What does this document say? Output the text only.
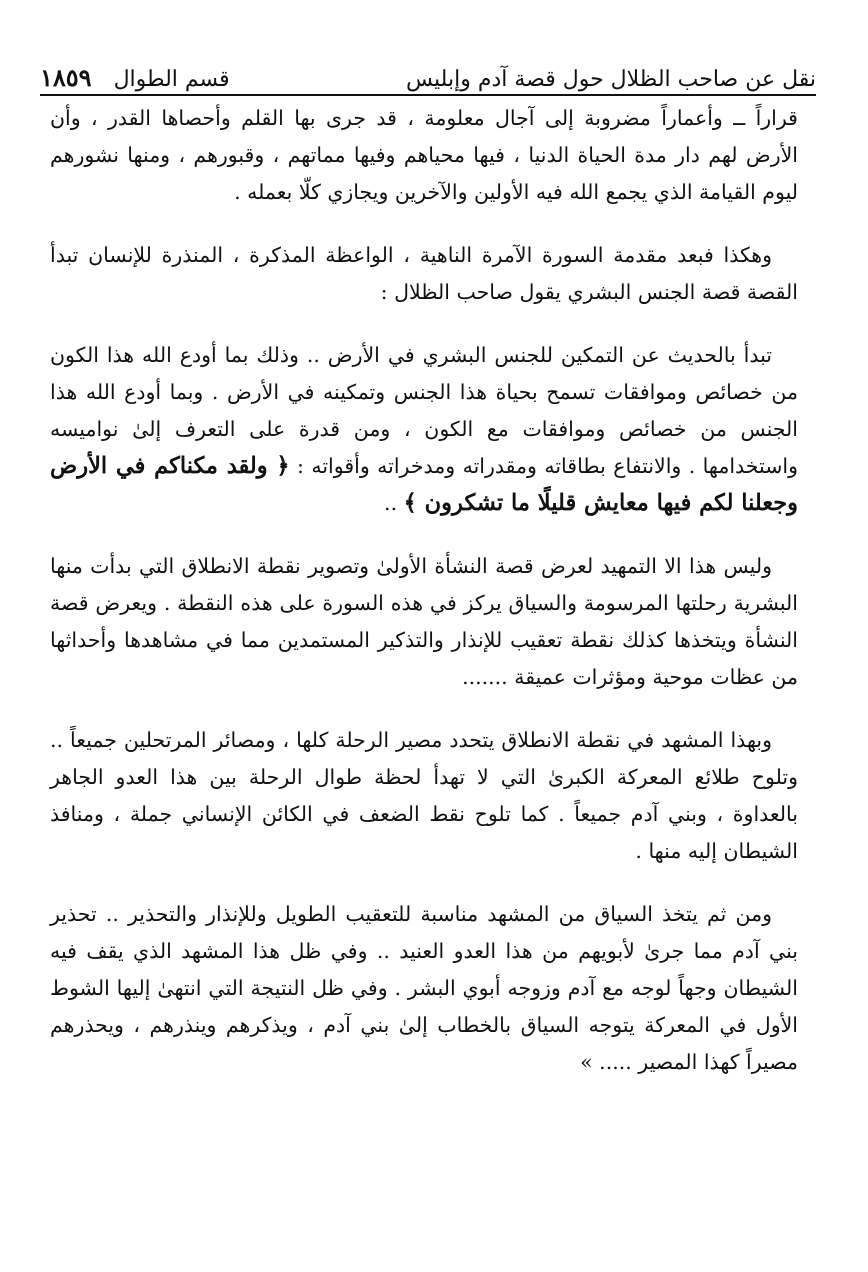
نقل عن صاحب الظلال حول قصة آدم وإبليس
قسم الطوال
١٨٥٩

قراراً ــ وأعماراً مضروبة إلى آجال معلومة ، قد جرى بها القلم وأحصاها القدر ، وأن الأرض لهم دار مدة الحياة الدنيا ، فيها محياهم وفيها مماتهم ، وقبورهم ، ومنها نشورهم ليوم القيامة الذي يجمع الله فيه الأولين والآخرين ويجازي كلّا بعمله .

وهكذا فبعد مقدمة السورة الآمرة الناهية ، الواعظة المذكرة ، المنذرة للإنسان تبدأ القصة قصة الجنس البشري يقول صاحب الظلال :

تبدأ بالحديث عن التمكين للجنس البشري في الأرض .. وذلك بما أودع الله هذا الكون من خصائص وموافقات تسمح بحياة هذا الجنس وتمكينه في الأرض . وبما أودع الله هذا الجنس من خصائص وموافقات مع الكون ، ومن قدرة على التعرف إلىٰ نواميسه واستخدامها . والانتفاع بطاقاته ومقدراته ومدخراته وأقواته : ﴿ ولقد مكناكم في الأرض وجعلنا لكم فيها معايش قليلًا ما تشكرون ﴾ ..

وليس هذا الا التمهيد لعرض قصة النشأة الأولىٰ وتصوير نقطة الانطلاق التي بدأت منها البشرية رحلتها المرسومة والسياق يركز في هذه السورة على هذه النقطة . ويعرض قصة النشأة ويتخذها كذلك نقطة تعقيب للإنذار والتذكير المستمدين مما في مشاهدها وأحداثها من عظات موحية ومؤثرات عميقة .......

وبهذا المشهد في نقطة الانطلاق يتحدد مصير الرحلة كلها ، ومصائر المرتحلين جميعاً .. وتلوح طلائع المعركة الكبرىٰ التي لا تهدأ لحظة طوال الرحلة بين هذا العدو الجاهر بالعداوة ، وبني آدم جميعاً . كما تلوح نقط الضعف في الكائن الإنساني جملة ، ومنافذ الشيطان إليه منها .

ومن ثم يتخذ السياق من المشهد مناسبة للتعقيب الطويل وللإنذار والتحذير .. تحذير بني آدم مما جرىٰ لأبويهم من هذا العدو العنيد .. وفي ظل هذا المشهد الذي يقف فيه الشيطان وجهاً لوجه مع آدم وزوجه أبوي البشر . وفي ظل النتيجة التي انتهىٰ إليها الشوط الأول في المعركة يتوجه السياق بالخطاب إلىٰ بني آدم ، ويذكرهم وينذرهم ، ويحذرهم مصيراً كهذا المصير ..... »
